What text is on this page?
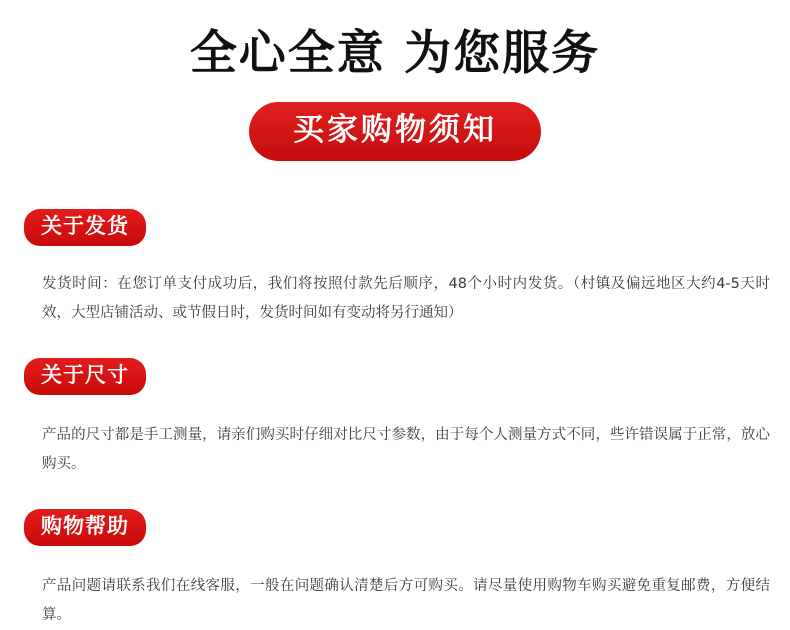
全心全意 为您服务
买家购物须知
关于发货
发货时间：在您订单支付成功后，我们将按照付款先后顺序，48个小时内发货。（村镇及偏远地区大约4-5天时效，大型店铺活动、或节假日时，发货时间如有变动将另行通知）
关于尺寸
产品的尺寸都是手工测量，请亲们购买时仔细对比尺寸参数，由于每个人测量方式不同，些许错误属于正常，放心购买。
购物帮助
产品问题请联系我们在线客服，一般在问题确认清楚后方可购买。请尽量使用购物车购买避免重复邮费，方便结算。
